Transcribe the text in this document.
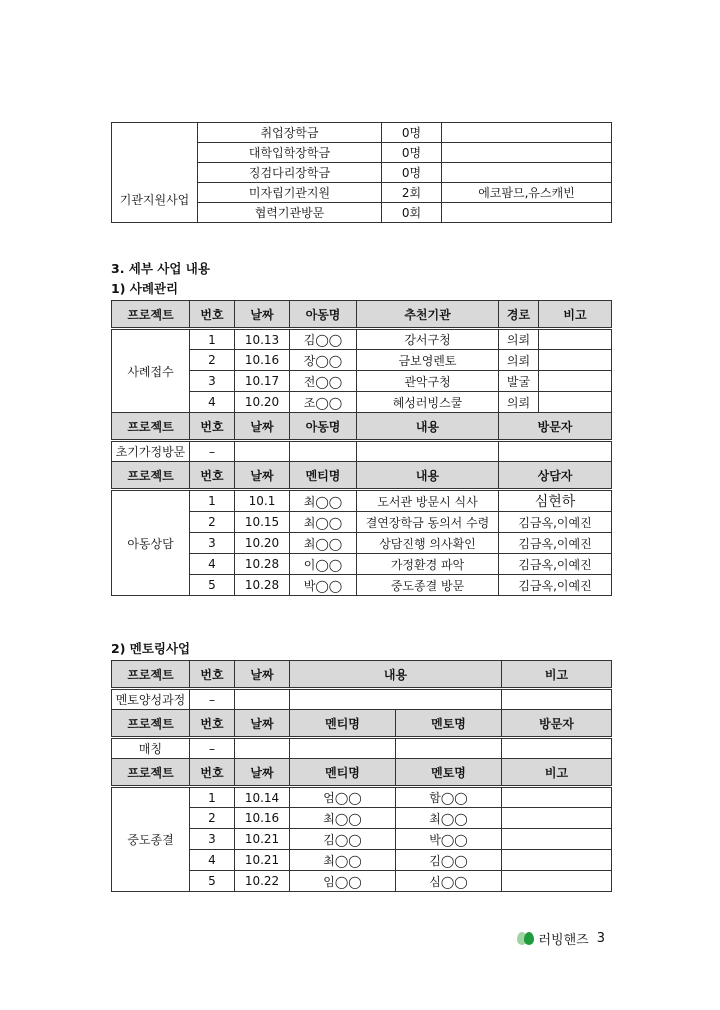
기관지원사업	취업장학금	0명	
	대학입학장학금	0명	
	징검다리장학금	0명	
	미자립기관지원	2회	에코팜므,유스캐빈
	협력기관방문	0회	
3. 세부 사업 내용
1) 사례관리
프로젝트	번호	날짜	아동명	추천기관	경로	비고
사례접수	1	10.13	김◯◯	강서구청	의뢰	
	2	10.16	장◯◯	금보영렌토	의뢰	
	3	10.17	전◯◯	관악구청	발굴	
	4	10.20	조◯◯	혜성러빙스쿨	의뢰	
프로젝트	번호	날짜	아동명	내용	방문자	
초기가정방문	–					
프로젝트	번호	날짜	멘티명	내용	상담자	
아동상담	1	10.1	최◯◯	도서관 방문시 식사	심현하	
	2	10.15	최◯◯	결연장학금 동의서 수령	김금옥,이예진	
	3	10.20	최◯◯	상담진행 의사확인	김금옥,이예진	
	4	10.28	이◯◯	가정환경 파악	김금옥,이예진	
	5	10.28	박◯◯	중도종결 방문	김금옥,이예진	
2) 멘토링사업
프로젝트	번호	날짜	내용		비고
멘토양성과정	–				
프로젝트	번호	날짜	멘티명	멘토명	방문자
매칭	–				
프로젝트	번호	날짜	멘티명	멘토명	비고
중도종결	1	10.14	엄◯◯	함◯◯	
	2	10.16	최◯◯	최◯◯	
	3	10.21	김◯◯	박◯◯	
	4	10.21	최◯◯	김◯◯	
	5	10.22	임◯◯	심◯◯	
러빙핸즈 3
